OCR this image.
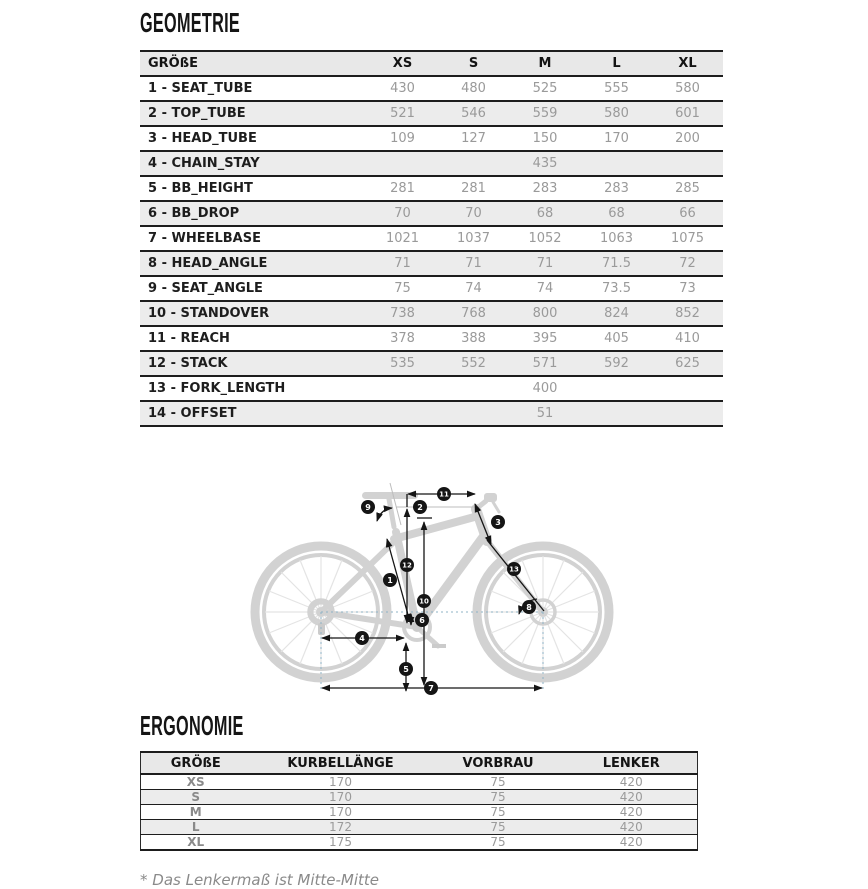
GEOMETRIE
GRÖßE	XS	S	M	L	XL
1 - SEAT_TUBE	430	480	525	555	580
2 - TOP_TUBE	521	546	559	580	601
3 - HEAD_TUBE	109	127	150	170	200
4 - CHAIN_STAY			435		
5 - BB_HEIGHT	281	281	283	283	285
6 - BB_DROP	70	70	68	68	66
7 - WHEELBASE	1021	1037	1052	1063	1075
8 - HEAD_ANGLE	71	71	71	71.5	72
9 - SEAT_ANGLE	75	74	74	73.5	73
10 - STANDOVER	738	768	800	824	852
11 - REACH	378	388	395	405	410
12 - STACK	535	552	571	592	625
13 - FORK_LENGTH			400		
14 - OFFSET			51		
1
2
3
4
5
6
7
8
9
10
11
12	13
ERGONOMIE
GRÖßE	KURBELLÄNGE	VORBRAU	LENKER
XS	170	75	420
S	170	75	420
M	170	75	420
L	172	75	420
XL	175	75	420
* Das Lenkermaß ist Mitte-Mitte
